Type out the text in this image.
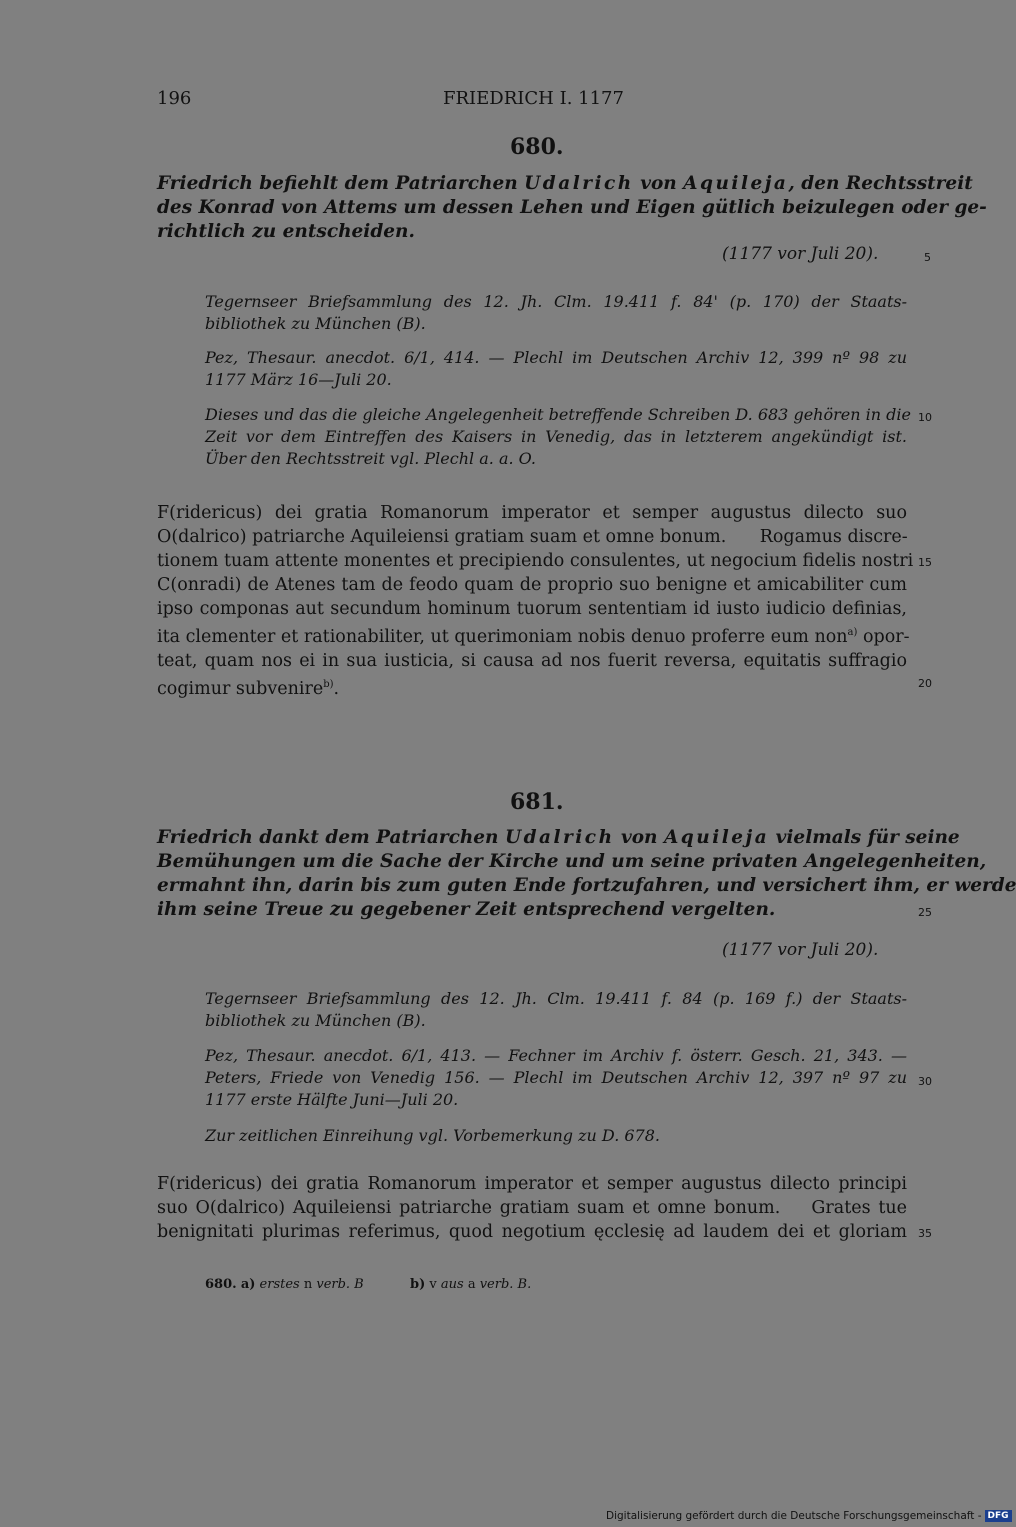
196	FRIEDRICH I. 1177
680.
Friedrich befiehlt dem Patriarchen Udalrich von Aquileja, den Rechtsstreit
des Konrad von Attems um dessen Lehen und Eigen gütlich beizulegen oder ge-
richtlich zu entscheiden.
(1177 vor Juli 20).
Tegernseer Briefsammlung des 12. Jh. Clm. 19.411 f. 84' (p. 170) der Staats-
bibliothek zu München (B).
Pez, Thesaur. anecdot. 6/1, 414. — Plechl im Deutschen Archiv 12, 399 nº 98 zu
1177 März 16—Juli 20.
Dieses und das die gleiche Angelegenheit betreffende Schreiben D. 683 gehören in die
Zeit vor dem Eintreffen des Kaisers in Venedig, das in letzterem angekündigt ist.
Über den Rechtsstreit vgl. Plechl a. a. O.
F(ridericus) dei gratia Romanorum imperator et semper augustus dilecto suo
O(dalrico) patriarche Aquileiensi gratiam suam et omne bonum.      Rogamus discre-
tionem tuam attente monentes et precipiendo consulentes, ut negocium fidelis nostri
C(onradi) de Atenes tam de feodo quam de proprio suo benigne et amicabiliter cum
ipso componas aut secundum hominum tuorum sententiam id iusto iudicio definias,
ita clementer et rationabiliter, ut querimoniam nobis denuo proferre eum non$^{a)}$ opor-
teat, quam nos ei in sua iusticia, si causa ad nos fuerit reversa, equitatis suffragio
cogimur subvenire$^{b)}$.
681.
Friedrich dankt dem Patriarchen Udalrich von Aquileja vielmals für seine
Bemühungen um die Sache der Kirche und um seine privaten Angelegenheiten,
ermahnt ihn, darin bis zum guten Ende fortzufahren, und versichert ihm, er werde
ihm seine Treue zu gegebener Zeit entsprechend vergelten.
(1177 vor Juli 20).
Tegernseer Briefsammlung des 12. Jh. Clm. 19.411 f. 84 (p. 169 f.) der Staats-
bibliothek zu München (B).
Pez, Thesaur. anecdot. 6/1, 413. — Fechner im Archiv f. österr. Gesch. 21, 343. —
Peters, Friede von Venedig 156. — Plechl im Deutschen Archiv 12, 397 nº 97 zu
1177 erste Hälfte Juni—Juli 20.
Zur zeitlichen Einreihung vgl. Vorbemerkung zu D. 678.
F(ridericus) dei gratia Romanorum imperator et semper augustus dilecto principi
suo O(dalrico) Aquileiensi patriarche gratiam suam et omne bonum.    Grates tue
benignitati plurimas referimus, quod negotium ęcclesię ad laudem dei et gloriam
5
10
15
20
25
30
35
680. a) erstes n verb. B	b) v aus a verb. B.
Digitalisierung gefördert durch die Deutsche Forschungsgemeinschaft - DFG
